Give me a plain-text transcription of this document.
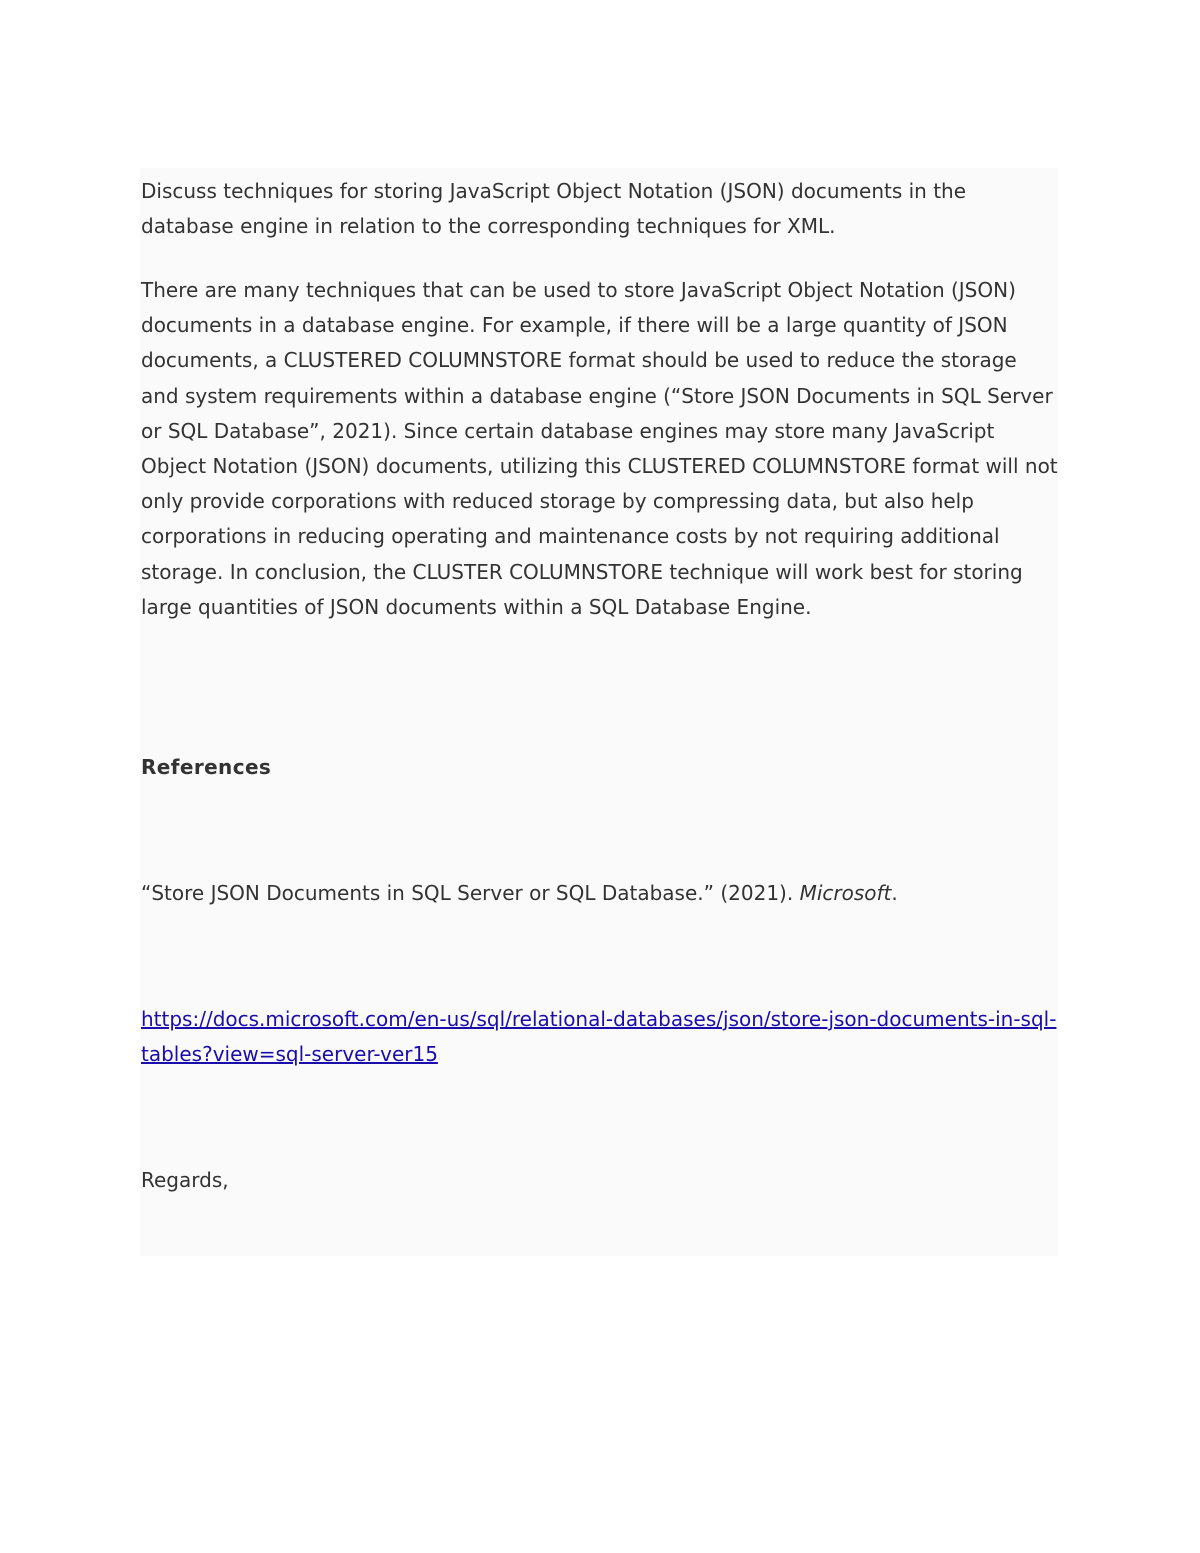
Discuss techniques for storing JavaScript Object Notation (JSON) documents in the database engine in relation to the corresponding techniques for XML.

There are many techniques that can be used to store JavaScript Object Notation (JSON) documents in a database engine. For example, if there will be a large quantity of JSON documents, a CLUSTERED COLUMNSTORE format should be used to reduce the storage and system requirements within a database engine (“Store JSON Documents in SQL Server or SQL Database”, 2021). Since certain database engines may store many JavaScript Object Notation (JSON) documents, utilizing this CLUSTERED COLUMNSTORE format will not only provide corporations with reduced storage by compressing data, but also help corporations in reducing operating and maintenance costs by not requiring additional storage. In conclusion, the CLUSTER COLUMNSTORE technique will work best for storing large quantities of JSON documents within a SQL Database Engine.

References

“Store JSON Documents in SQL Server or SQL Database.” (2021). Microsoft.

https://docs.microsoft.com/en-us/sql/relational-databases/json/store-json-documents-in-sql-tables?view=sql-server-ver15

Regards,
